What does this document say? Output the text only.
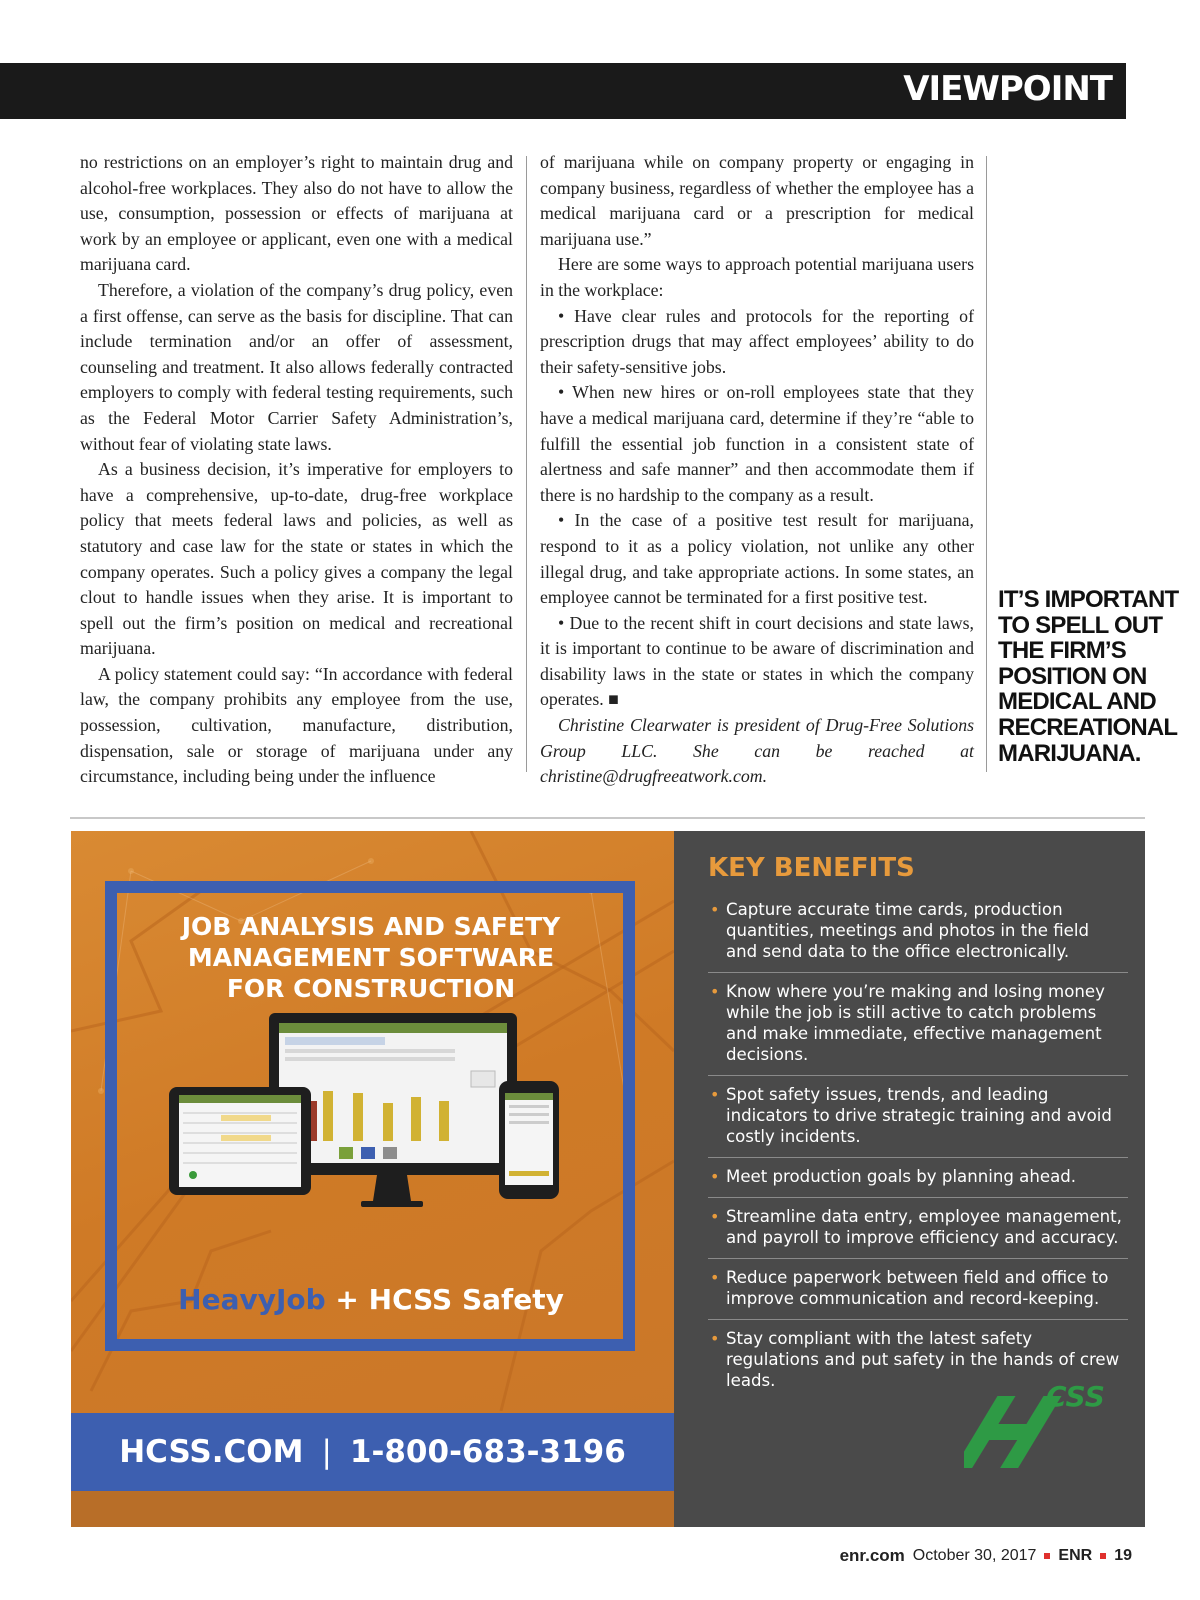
VIEWPOINT

no restrictions on an employer’s right to maintain drug and alcohol-free workplaces. They also do not have to allow the use, consumption, possession or effects of marijuana at work by an employee or applicant, even one with a medical marijuana card.

Therefore, a violation of the company’s drug policy, even a first offense, can serve as the basis for discipline. That can include termination and/or an offer of assessment, counseling and treatment. It also allows federally contracted employers to comply with federal testing requirements, such as the Federal Motor Carrier Safety Administration’s, without fear of violating state laws.

As a business decision, it’s imperative for employers to have a comprehensive, up-to-date, drug-free workplace policy that meets federal laws and policies, as well as statutory and case law for the state or states in which the company operates. Such a policy gives a company the legal clout to handle issues when they arise. It is important to spell out the firm’s position on medical and recreational marijuana.

A policy statement could say: “In accordance with federal law, the company prohibits any employee from the use, possession, cultivation, manufacture, distribution, dispensation, sale or storage of marijuana under any circumstance, including being under the influence

of marijuana while on company property or engaging in company business, regardless of whether the employee has a medical marijuana card or a prescription for medical marijuana use.”

Here are some ways to approach potential marijuana users in the workplace:

• Have clear rules and protocols for the reporting of prescription drugs that may affect employees’ ability to do their safety-sensitive jobs.

• When new hires or on-roll employees state that they have a medical marijuana card, determine if they’re “able to fulfill the essential job function in a consistent state of alertness and safe manner” and then accommodate them if there is no hardship to the company as a result.

• In the case of a positive test result for marijuana, respond to it as a policy violation, not unlike any other illegal drug, and take appropriate actions. In some states, an employee cannot be terminated for a first positive test.

• Due to the recent shift in court decisions and state laws, it is important to continue to be aware of discrimination and disability laws in the state or states in which the company operates. ■

Christine Clearwater is president of Drug-Free Solutions Group LLC. She can be reached at christine@drugfreeatwork.com.

IT’S IMPORTANT TO SPELL OUT THE FIRM’S POSITION ON MEDICAL AND RECREATIONAL MARIJUANA.
JOB ANALYSIS AND SAFETY
MANAGEMENT SOFTWARE
FOR CONSTRUCTION
HeavyJob + HCSS Safety
HCSS.COM | 1-800-683-3196
KEY BENEFITS
• Capture accurate time cards, production quantities, meetings and photos in the field and send data to the office electronically.
• Know where you’re making and losing money while the job is still active to catch problems and make immediate, effective management decisions.
• Spot safety issues, trends, and leading indicators to drive strategic training and avoid costly incidents.
• Meet production goals by planning ahead.
• Streamline data entry, employee management, and payroll to improve efficiency and accuracy.
• Reduce paperwork between field and office to improve communication and record-keeping.
• Stay compliant with the latest safety regulations and put safety in the hands of crew leads.	CSS
enr.com October 30, 2017 ENR 19
